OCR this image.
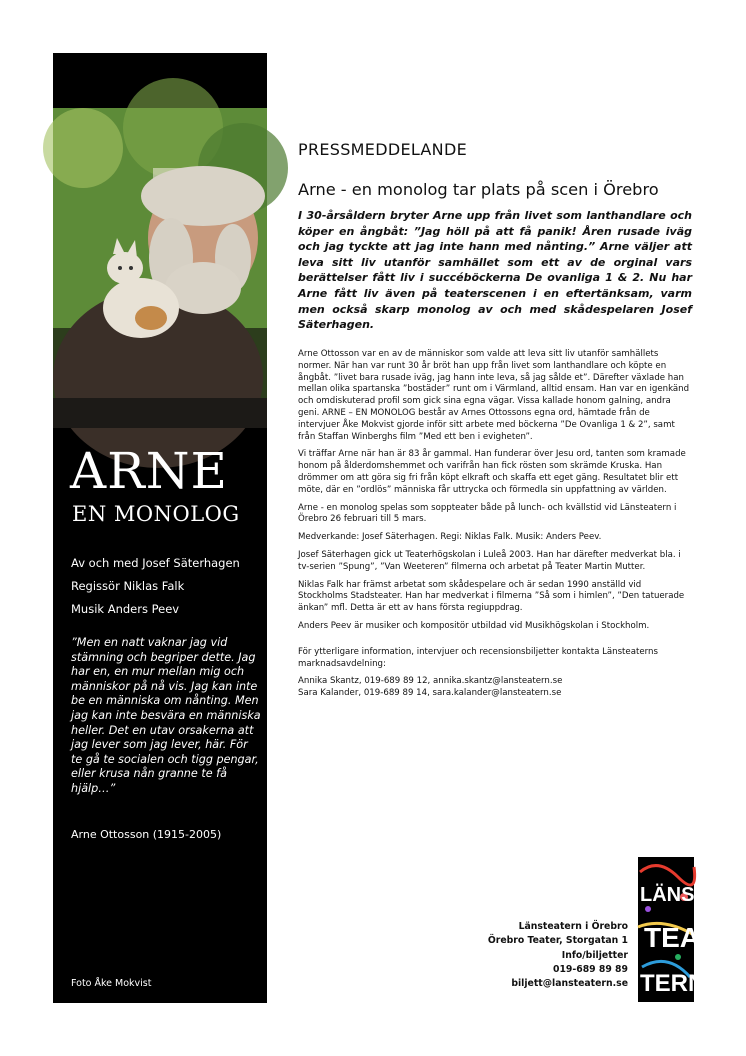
ARNE
EN MONOLOG
Av och med Josef Säterhagen
Regissör Niklas Falk
Musik Anders Peev
”Men en natt vaknar jag vid stämning och begriper dette. Jag har en, en mur mellan mig och människor på nå vis. Jag kan inte be en människa om nånting. Men jag kan inte besvära en människa heller. Det en utav orsakerna att jag lever som jag lever, här. För te gå te socialen och tigg pengar, eller krusa nån granne te få hjälp…”
Arne Ottosson (1915-2005)
Foto Åke Mokvist
PRESSMEDDELANDE
Arne - en monolog tar plats på scen i Örebro
I 30-årsåldern bryter Arne upp från livet som lanthandlare och köper en ångbåt: ”Jag höll på att få panik! Åren rusade iväg och jag tyckte att jag inte hann med nånting.” Arne väljer att leva sitt liv utanför samhället som ett av de orginal vars berättelser fått liv i succéböckerna De ovanliga 1 & 2. Nu har Arne fått liv även på teaterscenen i en eftertänksam, varm men också skarp monolog av och med skådespelaren Josef Säterhagen.

Arne Ottosson var en av de människor som valde att leva sitt liv utanför samhällets normer. När han var runt 30 år bröt han upp från livet som lanthandlare och köpte en ångbåt. ”livet bara rusade iväg, jag hann inte leva, så jag sålde et”. Därefter växlade han mellan olika spartanska ”bostäder” runt om i Värmland, alltid ensam. Han var en igenkänd och omdiskuterad profil som gick sina egna vägar. Vissa kallade honom galning, andra geni. ARNE – EN MONOLOG består av Arnes Ottossons egna ord, hämtade från de intervjuer Åke Mokvist gjorde inför sitt arbete med böckerna ”De Ovanliga 1 & 2”, samt från Staffan Winberghs film ”Med ett ben i evigheten”.

Vi träffar Arne när han är 83 år gammal. Han funderar över Jesu ord, tanten som kramade honom på ålderdomshemmet och varifrån han fick rösten som skrämde Kruska. Han drömmer om att göra sig fri från köpt elkraft och skaffa ett eget gäng. Resultatet blir ett möte, där en ”ordlös” människa får uttrycka och förmedla sin uppfattning av världen.

Arne - en monolog spelas som soppteater både på lunch- och kvällstid vid Länsteatern i Örebro 26 februari till 5 mars.

Medverkande: Josef Säterhagen. Regi: Niklas Falk. Musik: Anders Peev.

Josef Säterhagen gick ut Teaterhögskolan i Luleå 2003. Han har därefter medverkat bla. i tv-serien ”Spung”, ”Van Weeteren” filmerna och arbetat på Teater Martin Mutter.

Niklas Falk har främst arbetat som skådespelare och är sedan 1990 anställd vid Stockholms Stadsteater. Han har medverkat i filmerna ”Så som i himlen”, ”Den tatuerade änkan” mfl. Detta är ett av hans första regiuppdrag.

Anders Peev är musiker och kompositör utbildad vid Musikhögskolan i Stockholm.

För ytterligare information, intervjuer och recensionsbiljetter kontakta Länsteaterns marknadsavdelning:

Annika Skantz, 019-689 89 12, annika.skantz@lansteatern.se
Sara Kalander, 019-689 89 14, sara.kalander@lansteatern.se

Länsteatern i Örebro
Örebro Teater, Storgatan 1
Info/biljetter
019-689 89 89
biljett@lansteatern.se
LÄNS
TEA
TERN
